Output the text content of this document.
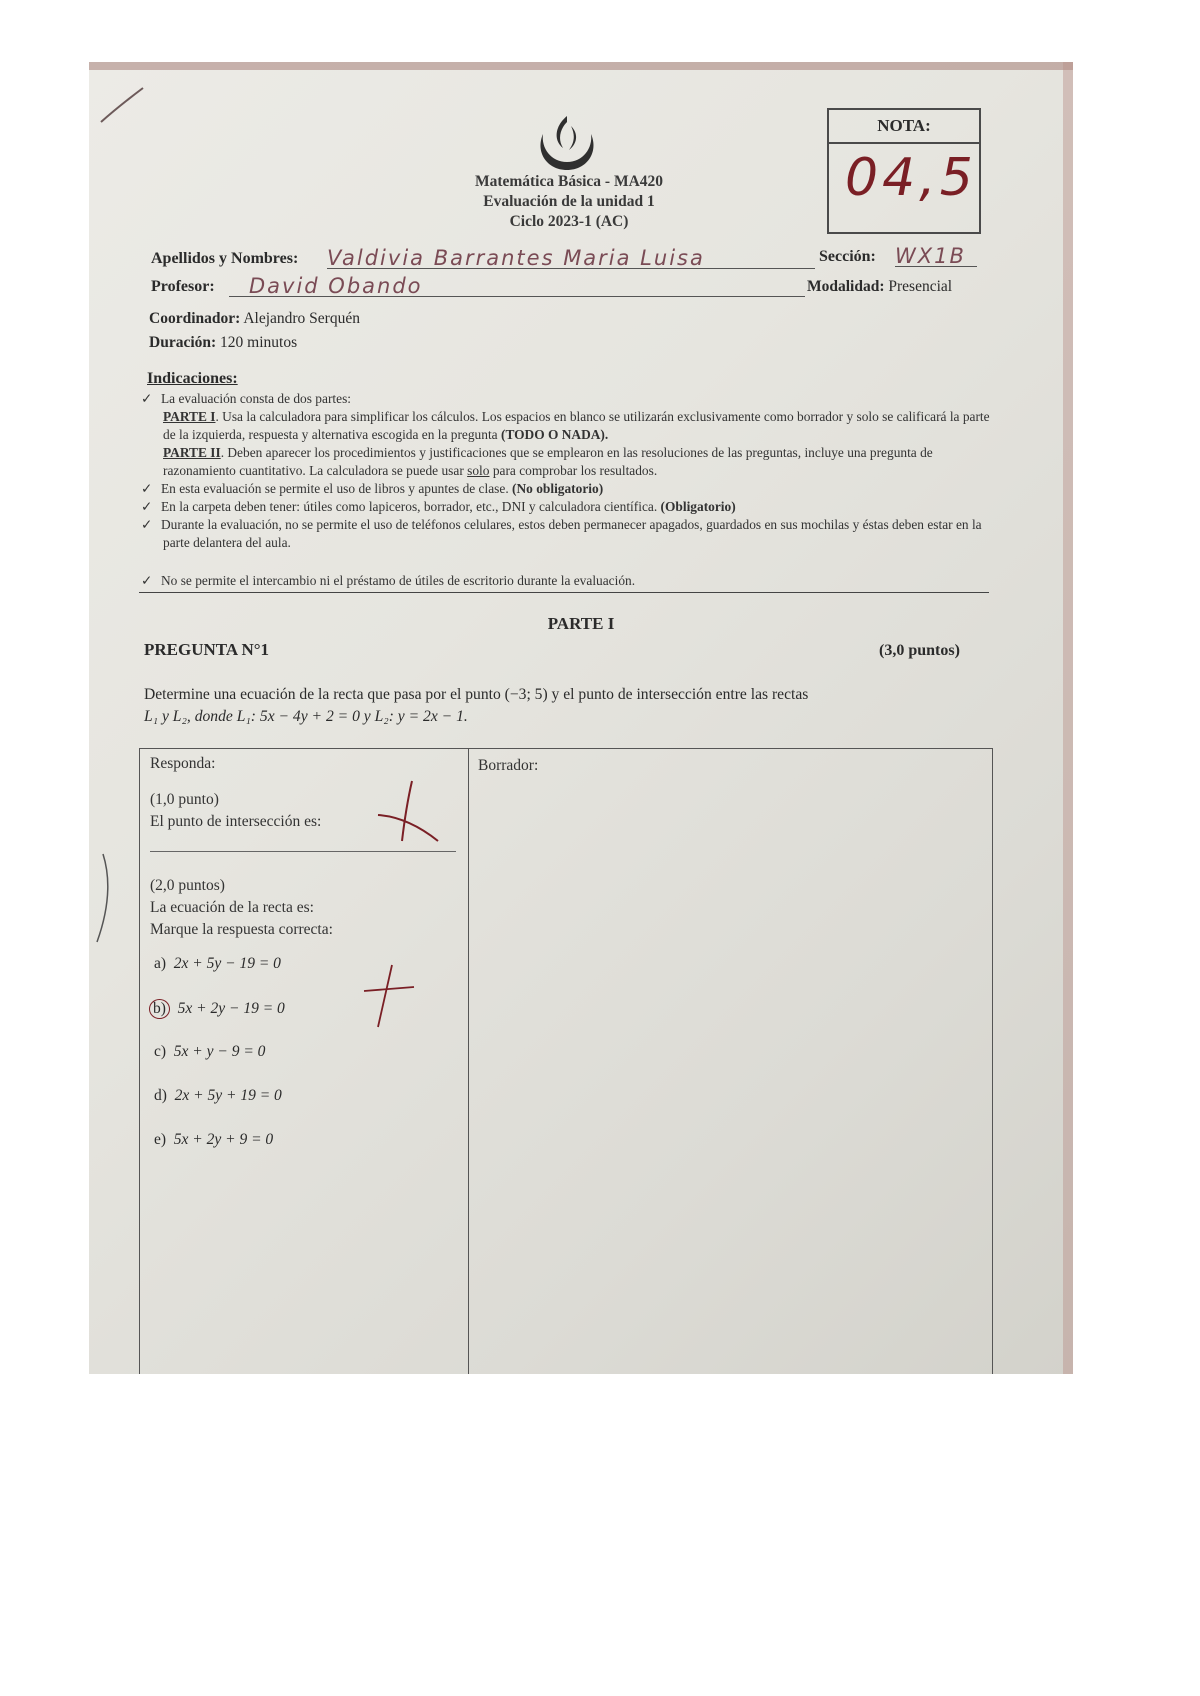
Matemática Básica - MA420
Evaluación de la unidad 1
Ciclo 2023-1 (AC)
NOTA:
04,5
Apellidos y Nombres: Valdivia Barrantes Maria Luisa	Sección: WX1B
Profesor:	David Obando	Modalidad: Presencial
Coordinador: Alejandro Serquén
Duración: 120 minutos
Indicaciones:
✓ La evaluación consta de dos partes:
PARTE I. Usa la calculadora para simplificar los cálculos. Los espacios en blanco se utilizarán exclusivamente como borrador y solo se calificará la parte de la izquierda, respuesta y alternativa escogida en la pregunta (TODO O NADA).
PARTE II. Deben aparecer los procedimientos y justificaciones que se emplearon en las resoluciones de las preguntas, incluye una pregunta de razonamiento cuantitativo. La calculadora se puede usar solo para comprobar los resultados.
✓ En esta evaluación se permite el uso de libros y apuntes de clase. (No obligatorio)
✓ En la carpeta deben tener: útiles como lapiceros, borrador, etc., DNI y calculadora científica. (Obligatorio)
✓ Durante la evaluación, no se permite el uso de teléfonos celulares, estos deben permanecer apagados, guardados en sus mochilas y éstas deben estar en la parte delantera del aula.
✓ No se permite el intercambio ni el préstamo de útiles de escritorio durante la evaluación.
PARTE I
PREGUNTA N°1	(3,0 puntos)
Determine una ecuación de la recta que pasa por el punto (−3; 5) y el punto de intersección entre las rectas
L₁ y L₂, donde L₁: 5x − 4y + 2 = 0 y L₂: y = 2x − 1.
Responda:	Borrador:
(1,0 punto)
El punto de intersección es:
(2,0 puntos)
La ecuación de la recta es:
Marque la respuesta correcta:
a) 2x + 5y − 19 = 0
b) 5x + 2y − 19 = 0
c) 5x + y − 9 = 0
d) 2x + 5y + 19 = 0
e) 5x + 2y + 9 = 0
